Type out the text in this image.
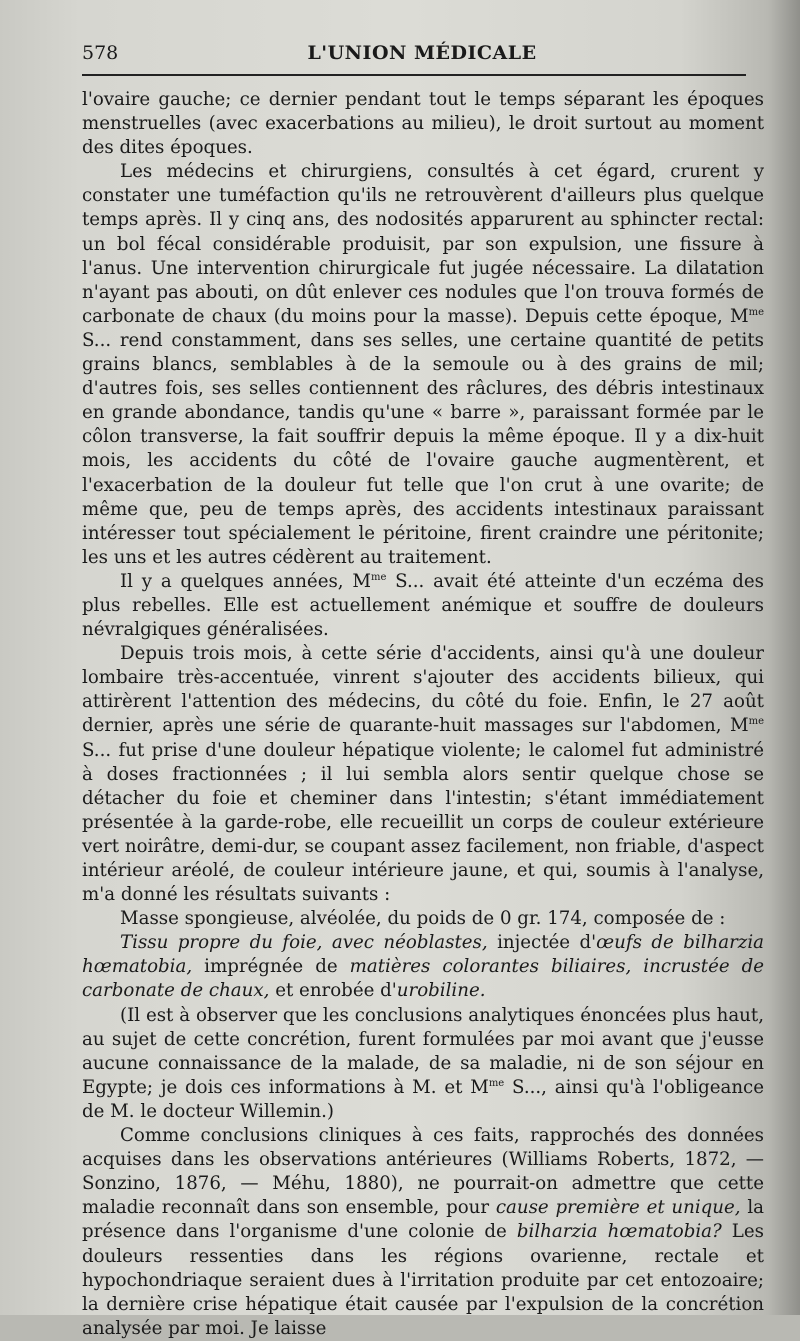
578	L'UNION MÉDICALE

l'ovaire gauche; ce dernier pendant tout le temps séparant les époques menstruelles (avec exacerbations au milieu), le droit surtout au moment des dites époques.

Les médecins et chirurgiens, consultés à cet égard, crurent y constater une tuméfaction qu'ils ne retrouvèrent d'ailleurs plus quelque temps après. Il y cinq ans, des nodosités apparurent au sphincter rectal: un bol fécal considérable produisit, par son expulsion, une fissure à l'anus. Une intervention chirurgicale fut jugée nécessaire. La dilatation n'ayant pas abouti, on dût enlever ces nodules que l'on trouva formés de carbonate de chaux (du moins pour la masse). Depuis cette époque, $M^{me}$ S... rend constamment, dans ses selles, une certaine quantité de petits grains blancs, semblables à de la semoule ou à des grains de mil; d'autres fois, ses selles contiennent des râclures, des débris intestinaux en grande abondance, tandis qu'une « barre », paraissant formée par le côlon transverse, la fait souffrir depuis la même époque. Il y a dix-huit mois, les accidents du côté de l'ovaire gauche augmentèrent, et l'exacerbation de la douleur fut telle que l'on crut à une ovarite; de même que, peu de temps après, des accidents intestinaux paraissant intéresser tout spécialement le péritoine, firent craindre une péritonite; les uns et les autres cédèrent au traitement.

Il y a quelques années, $M^{me}$ S... avait été atteinte d'un eczéma des plus rebelles. Elle est actuellement anémique et souffre de douleurs névralgiques généralisées.

Depuis trois mois, à cette série d'accidents, ainsi qu'à une douleur lombaire très-accentuée, vinrent s'ajouter des accidents bilieux, qui attirèrent l'attention des médecins, du côté du foie. Enfin, le 27 août dernier, après une série de quarante-huit massages sur l'abdomen, $M^{me}$ S... fut prise d'une douleur hépatique violente; le calomel fut administré à doses fractionnées ; il lui sembla alors sentir quelque chose se détacher du foie et cheminer dans l'intestin; s'étant immédiatement présentée à la garde-robe, elle recueillit un corps de couleur extérieure vert noirâtre, demi-dur, se coupant assez facilement, non friable, d'aspect intérieur aréolé, de couleur intérieure jaune, et qui, soumis à l'analyse, m'a donné les résultats suivants :

Masse spongieuse, alvéolée, du poids de 0 gr. 174, composée de :

Tissu propre du foie, avec néoblastes, injectée d'œufs de bilharzia hœmatobia, imprégnée de matières colorantes biliaires, incrustée de carbonate de chaux, et enrobée d'urobiline.

(Il est à observer que les conclusions analytiques énoncées plus haut, au sujet de cette concrétion, furent formulées par moi avant que j'eusse aucune connaissance de la malade, de sa maladie, ni de son séjour en Egypte; je dois ces informations à M. et $M^{me}$ S..., ainsi qu'à l'obligeance de M. le docteur Willemin.)

Comme conclusions cliniques à ces faits, rapprochés des données acquises dans les observations antérieures (Williams Roberts, 1872, — Sonzino, 1876, — Méhu, 1880), ne pourrait-on admettre que cette maladie reconnaît dans son ensemble, pour cause première et unique, la présence dans l'organisme d'une colonie de bilharzia hœmatobia? Les douleurs ressenties dans les régions ovarienne, rectale et hypochondriaque seraient dues à l'irritation produite par cet entozoaire; la dernière crise hépatique était causée par l'expulsion de la concrétion analysée par moi. Je laisse
